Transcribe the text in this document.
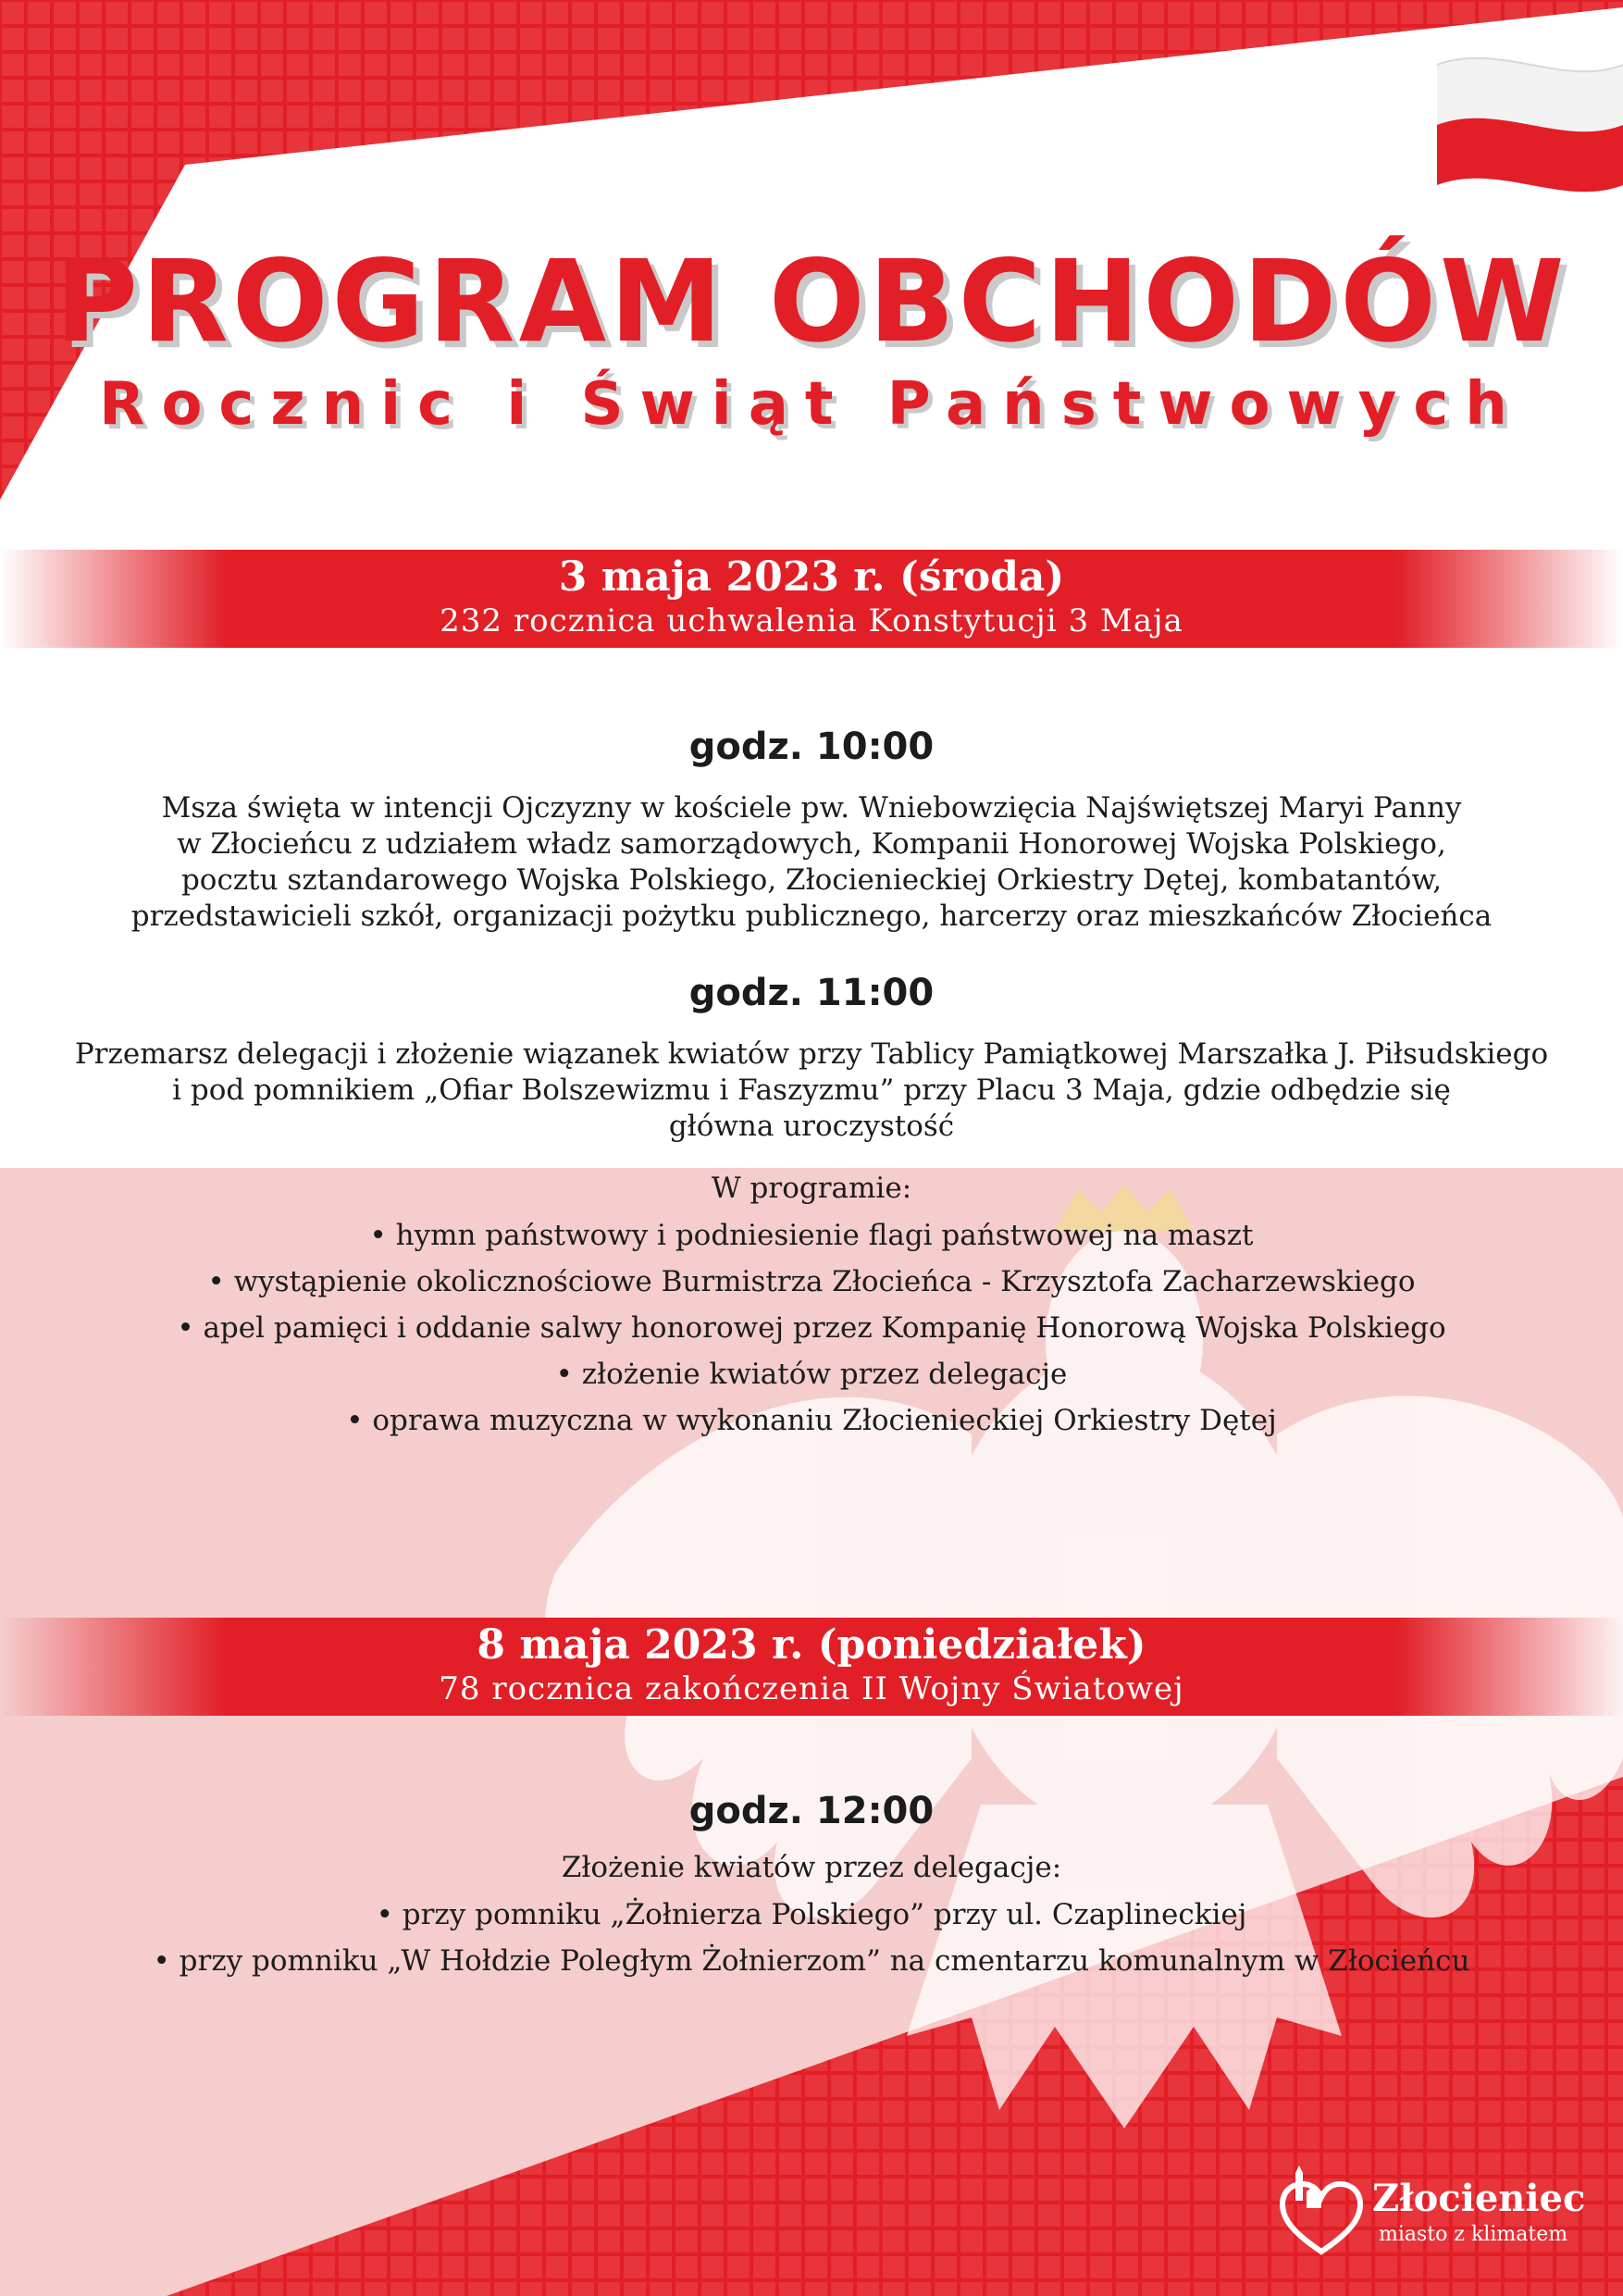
PROGRAM OBCHODÓW
Rocznic i Świąt Państwowych
3 maja 2023 r. (środa)
232 rocznica uchwalenia Konstytucji 3 Maja
godz. 10:00
Msza święta w intencji Ojczyzny w kościele pw. Wniebowzięcia Najświętszej Maryi Panny
w Złocieńcu z udziałem władz samorządowych, Kompanii Honorowej Wojska Polskiego,
pocztu sztandarowego Wojska Polskiego, Złocienieckiej Orkiestry Dętej, kombatantów,
przedstawicieli szkół, organizacji pożytku publicznego, harcerzy oraz mieszkańców Złocieńca
godz. 11:00
Przemarsz delegacji i złożenie wiązanek kwiatów przy Tablicy Pamiątkowej Marszałka J. Piłsudskiego
i pod pomnikiem „Ofiar Bolszewizmu i Faszyzmu” przy Placu 3 Maja, gdzie odbędzie się
główna uroczystość
W programie:
• hymn państwowy i podniesienie flagi państwowej na maszt
• wystąpienie okolicznościowe Burmistrza Złocieńca - Krzysztofa Zacharzewskiego
• apel pamięci i oddanie salwy honorowej przez Kompanię Honorową Wojska Polskiego
• złożenie kwiatów przez delegacje
• oprawa muzyczna w wykonaniu Złocienieckiej Orkiestry Dętej
8 maja 2023 r. (poniedziałek)
78 rocznica zakończenia II Wojny Światowej
godz. 12:00
Złożenie kwiatów przez delegacje:
• przy pomniku „Żołnierza Polskiego” przy ul. Czaplineckiej
• przy pomniku „W Hołdzie Poległym Żołnierzom” na cmentarzu komunalnym w Złocieńcu
Złocieniec
miasto z klimatem
